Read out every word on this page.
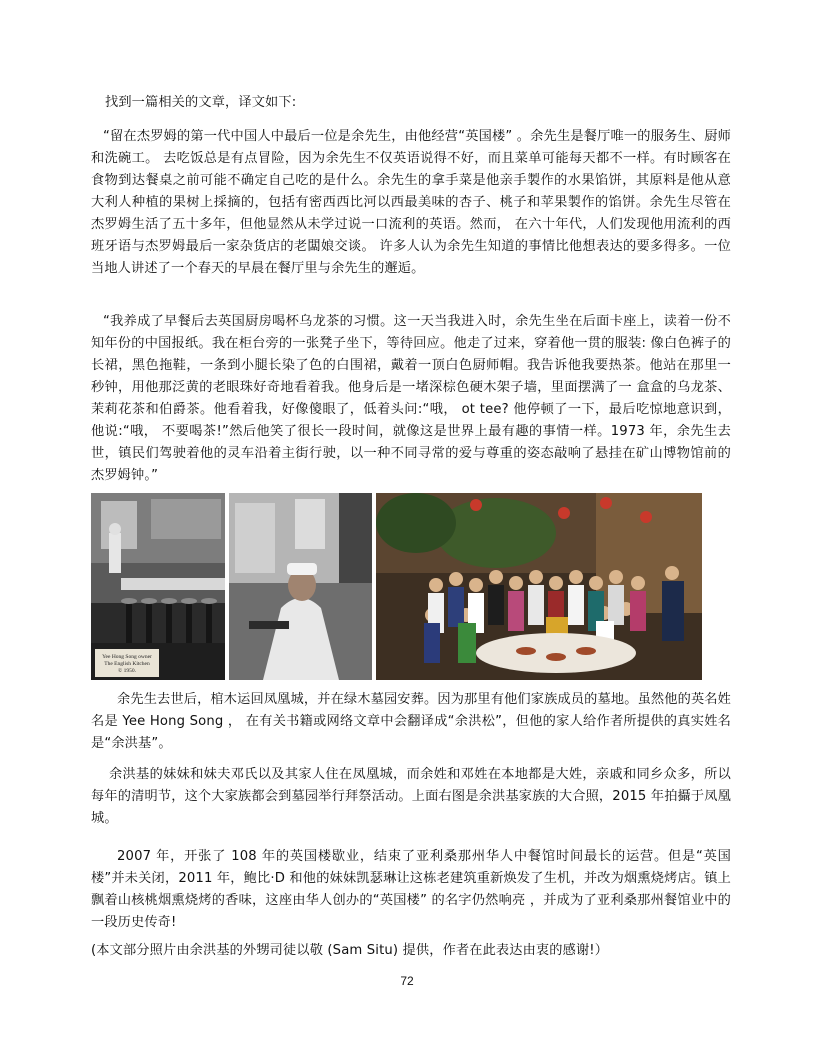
找到一篇相关的文章，译文如下:

“留在杰罗姆的第一代中国人中最后一位是余先生，由他经营“英国楼” 。余先生是餐厅唯一的服务生、厨师和洗碗工。 去吃饭总是有点冒险，因为余先生不仅英语说得不好，而且菜单可能每天都不一样。有时顾客在食物到达餐桌之前可能不确定自己吃的是什么。余先生的拿手菜是他亲手製作的水果馅饼，其原料是他从意大利人种植的果树上採摘的，包括有密西西比河以西最美味的杏子、桃子和苹果製作的馅饼。余先生尽管在杰罗姆生活了五十多年，但他显然从未学过说一口流利的英语。然而， 在六十年代，人们发现他用流利的西班牙语与杰罗姆最后一家杂货店的老闆娘交谈。 许多人认为余先生知道的事情比他想表达的要多得多。一位当地人讲述了一个春天的早晨在餐厅里与余先生的邂逅。

“我养成了早餐后去英国厨房喝杯乌龙茶的习惯。这一天当我进入时，余先生坐在后面卡座上，读着一份不知年份的中国报纸。我在柜台旁的一张凳子坐下，等待回应。他走了过来，穿着他一贯的服装: 像白色裤子的长裙，黑色拖鞋，一条到小腿长染了色的白围裙，戴着一顶白色厨师帽。我告诉他我要热茶。他站在那里一秒钟，用他那泛黄的老眼珠好奇地看着我。他身后是一堵深棕色硬木架子墙，里面摆满了一 盒盒的乌龙茶、茉莉花茶和伯爵茶。他看着我，好像傻眼了，低着头问:“哦， ot tee? 他停顿了一下，最后吃惊地意识到，他说:“哦， 不要喝茶!”然后他笑了很长一段时间，就像这是世界上最有趣的事情一样。1973 年，余先生去世，镇民们驾驶着他的灵车沿着主街行驶，以一种不同寻常的爱与尊重的姿态敲响了悬挂在矿山博物馆前的杰罗姆钟。”

Yee Hong Song owner
The English Kitchen
© 1950.

余先生去世后，棺木运回凤凰城，并在绿木墓园安葬。因为那里有他们家族成员的墓地。虽然他的英名姓名是 Yee Hong Song ， 在有关书籍或网络文章中会翻译成“余洪松”，但他的家人给作者所提供的真实姓名是“余洪基”。

余洪基的妹妹和妹夫邓氏以及其家人住在凤凰城，而余姓和邓姓在本地都是大姓，亲戚和同乡众多，所以每年的清明节，这个大家族都会到墓园举行拜祭活动。上面右图是余洪基家族的大合照，2015 年拍攝于凤凰城。

2007 年，开张了 108 年的英国楼歇业，结束了亚利桑那州华人中餐馆时间最长的运营。但是“英国楼”并未关闭，2011 年，鲍比·D 和他的妹妹凯瑟琳让这栋老建筑重新焕发了生机，并改为烟熏烧烤店。镇上飘着山核桃烟熏烧烤的香味，这座由华人创办的“英国楼” 的名字仍然响亮 ，并成为了亚利桑那州餐馆业中的一段历史传奇!

(本文部分照片由余洪基的外甥司徒以敬 (Sam Situ) 提供，作者在此表达由衷的感谢!）

72
